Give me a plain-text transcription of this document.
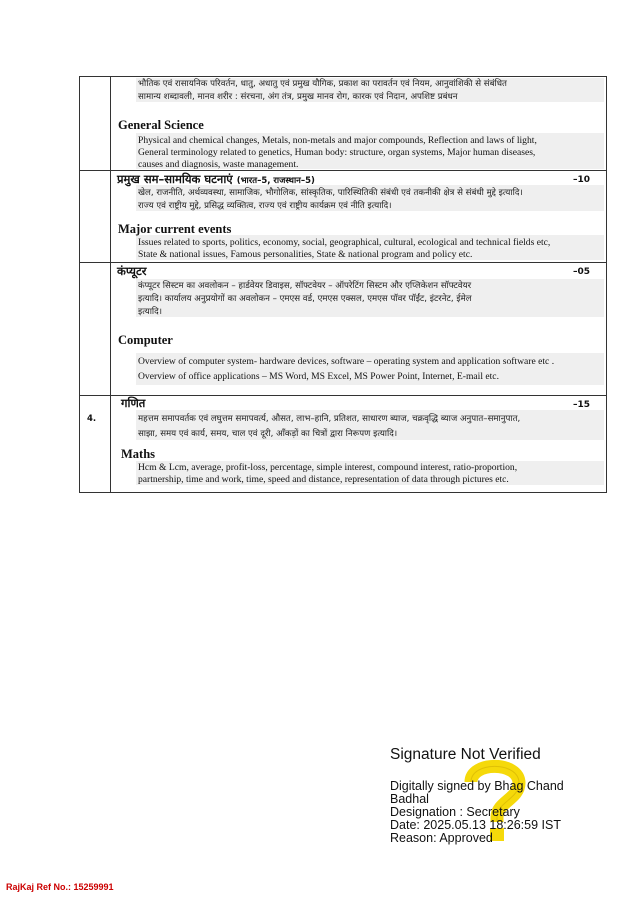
भौतिक एवं रासायनिक परिवर्तन, धातु, अधातु एवं प्रमुख यौगिक, प्रकाश का परावर्तन एवं नियम, आनुवांशिकी से संबंधित
सामान्य शब्दावली, मानव शरीर : संरचना, अंग तंत्र, प्रमुख मानव रोग, कारक एवं निदान, अपशिष्ट प्रबंधन
General Science
Physical and chemical changes, Metals, non-metals and major compounds, Reflection and laws of light,
General terminology related to genetics, Human body: structure, organ systems, Major human diseases,
causes and diagnosis, waste management.
प्रमुख सम–सामयिक घटनाएं (भारत–5, राजस्थान–5)	–10
खेल, राजनीति, अर्थव्यवस्था, सामाजिक, भौगोलिक, सांस्कृतिक, पारिस्थितिकी संबंधी एवं तकनीकी क्षेत्र से संबंधी मुद्दे इत्यादि।
राज्य एवं राष्ट्रीय मुद्दे, प्रसिद्ध व्यक्तित्व, राज्य एवं राष्ट्रीय कार्यक्रम एवं नीति इत्यादि।
Major current events
Issues related to sports, politics, economy, social, geographical, cultural, ecological and technical fields etc,
State & national issues, Famous personalities, State & national program and policy etc.
कंप्यूटर	–05
कंप्यूटर सिस्टम का अवलोकन – हार्डवेयर डिवाइस, सॉफ्टवेयर – ऑपरेटिंग सिस्टम और एप्लिकेशन सॉफ्टवेयर
इत्यादि। कार्यालय अनुप्रयोगों का अवलोकन – एमएस वर्ड, एमएस एक्सल, एमएस पॉवर पॉईंट, इंटरनेट, ईमेल
इत्यादि।
Computer
Overview of computer system- hardware devices, software – operating system and application software etc .
Overview of office applications – MS Word, MS Excel, MS Power Point, Internet, E-mail etc.
4.
गणित	–15
महत्तम समापवर्तक एवं लघुत्तम समापवर्त्य, औसत, लाभ–हानि, प्रतिशत, साधारण ब्याज, चक्रवृद्धि ब्याज अनुपात–समानुपात,
साझा, समय एवं कार्य, समय, चाल एवं दूरी, आँकड़ों का चित्रों द्वारा निरूपण इत्यादि।
Maths
Hcm & Lcm, average, profit-loss, percentage, simple interest, compound interest, ratio-proportion,
partnership, time and work, time, speed and distance, representation of data through pictures etc.
Signature Not Verified
Digitally signed by Bhag Chand
Badhal
Designation : Secretary
Date: 2025.05.13 18:26:59 IST
Reason: Approved
RajKaj Ref No.: 15259991
